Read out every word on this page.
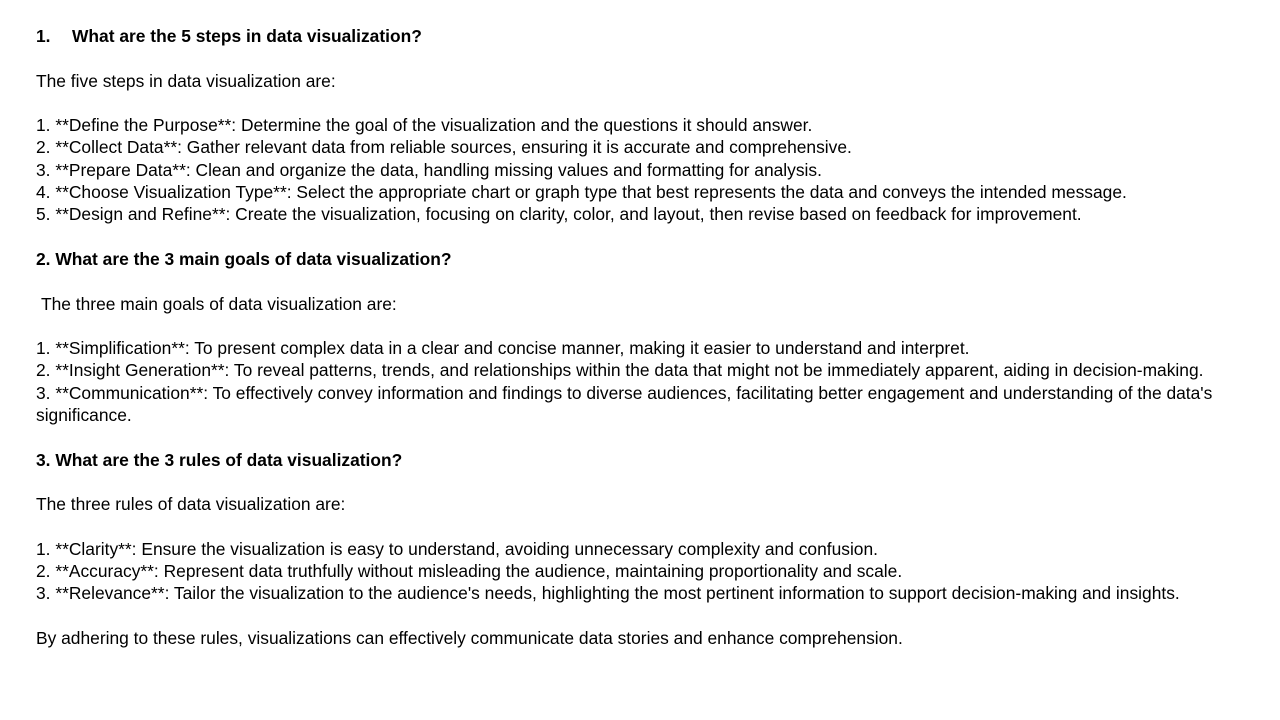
1. What are the 5 steps in data visualization?
The five steps in data visualization are:
1. **Define the Purpose**: Determine the goal of the visualization and the questions it should answer.
2. **Collect Data**: Gather relevant data from reliable sources, ensuring it is accurate and comprehensive.
3. **Prepare Data**: Clean and organize the data, handling missing values and formatting for analysis.
4. **Choose Visualization Type**: Select the appropriate chart or graph type that best represents the data and conveys the intended message.
5. **Design and Refine**: Create the visualization, focusing on clarity, color, and layout, then revise based on feedback for improvement.
2. What are the 3 main goals of data visualization?
The three main goals of data visualization are:
1. **Simplification**: To present complex data in a clear and concise manner, making it easier to understand and interpret.
2. **Insight Generation**: To reveal patterns, trends, and relationships within the data that might not be immediately apparent, aiding in decision-making.
3. **Communication**: To effectively convey information and findings to diverse audiences, facilitating better engagement and understanding of the data's significance.
3. What are the 3 rules of data visualization?
The three rules of data visualization are:
1. **Clarity**: Ensure the visualization is easy to understand, avoiding unnecessary complexity and confusion.
2. **Accuracy**: Represent data truthfully without misleading the audience, maintaining proportionality and scale.
3. **Relevance**: Tailor the visualization to the audience's needs, highlighting the most pertinent information to support decision-making and insights.
By adhering to these rules, visualizations can effectively communicate data stories and enhance comprehension.
